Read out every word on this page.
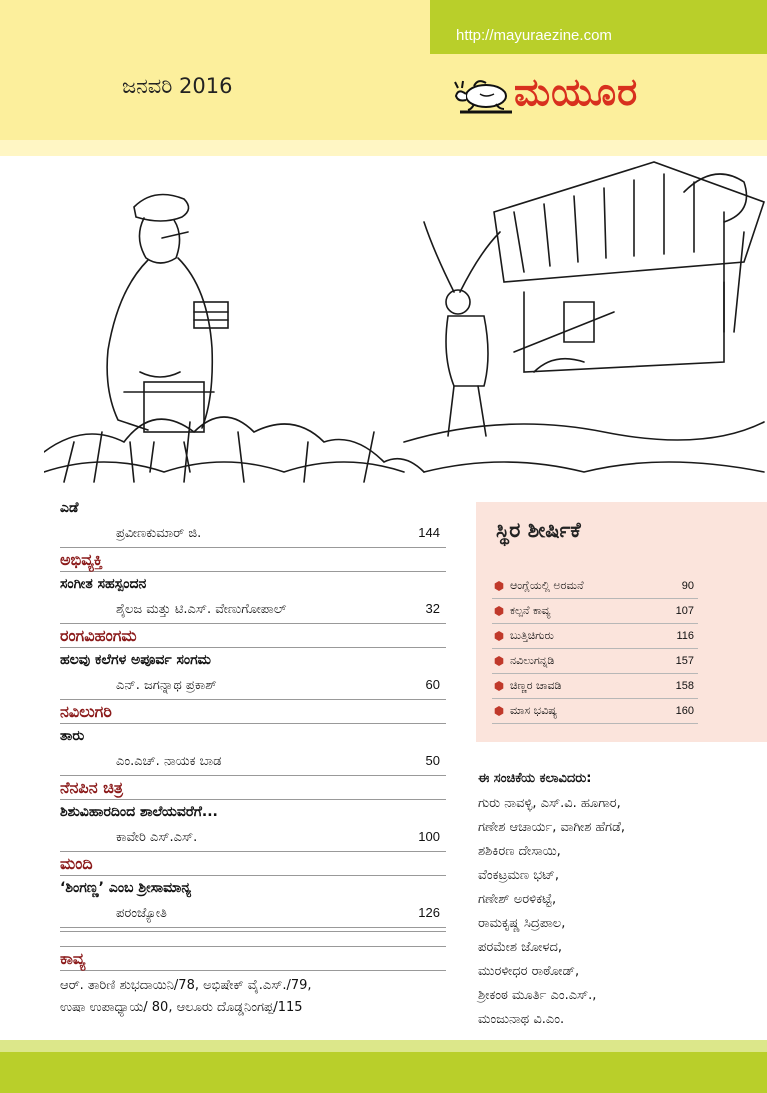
http://mayuraezine.com
ಜನವರಿ 2016	ಮಯೂರ
ಎಡೆ
ಪ್ರವೀಣಕುಮಾರ್ ಜಿ.	144
ಅಭಿವ್ಯಕ್ತಿ
ಸಂಗೀತ ಸಹಸ್ಪಂದನ
ಶೈಲಜ ಮತ್ತು ಟಿ.ಎಸ್. ವೇಣುಗೋಪಾಲ್	32
ರಂಗವಿಹಂಗಮ
ಹಲವು ಕಲೆಗಳ ಅಪೂರ್ವ ಸಂಗಮ
ಎನ್. ಜಗನ್ನಾಥ ಪ್ರಕಾಶ್	60
ನವಿಲುಗರಿ
ತಾರು
ಎಂ.ಎಚ್. ನಾಯಕ ಬಾಡ	50
ನೆನಪಿನ ಚಿತ್ರ
ಶಿಶುವಿಹಾರದಿಂದ ಶಾಲೆಯವರೆಗೆ...
ಕಾವೇರಿ ಎಸ್.ಎಸ್.	100
ಮಂದಿ
‘ಶಿಂಗಣ್ಣ’ ಎಂಬ ಶ್ರೀಸಾಮಾನ್ಯ
ಪರಂಜ್ಯೋತಿ	126
ಕಾವ್ಯ
ಆರ್. ತಾರಿಣಿ ಶುಭದಾಯಿನಿ/78, ಅಭಿಷೇಕ್ ವೈ.ಎಸ್./79,
ಉಷಾ ಉಪಾಧ್ಯಾಯ/ 80, ಆಲೂರು ದೊಡ್ಡನಿಂಗಪ್ಪ/115
ಸ್ಥಿರ ಶೀರ್ಷಿಕೆ
ಆಂಗ್ಲೆಯಲ್ಲಿ ಅರಮನೆ	90
ಕಲ್ಪನೆ ಕಾವ್ಯ	107
ಬುತ್ತಿಚಿಗುರು	116
ನವಿಲುಗನ್ನಡಿ	157
ಚಿಣ್ಣರ ಚಾವಡಿ	158
ಮಾಸ ಭವಿಷ್ಯ	160
ಈ ಸಂಚಿಕೆಯ ಕಲಾವಿದರು:
ಗುರು ನಾವಳ್ಳಿ, ಎಸ್.ವಿ. ಹೂಗಾರ,
ಗಣೇಶ ಆಚಾರ್ಯ, ವಾಗೀಶ ಹೆಗಡೆ,
ಶಶಿಕಿರಣ ದೇಸಾಯಿ,
ವೆಂಕಟ್ರಮಣ ಭಟ್,
ಗಣೇಶ್ ಅರಳಿಕಟ್ಟೆ,
ರಾಮಕೃಷ್ಣ ಸಿದ್ರಪಾಲ,
ಪರಮೇಶ ಜೋಳದ,
ಮುರಳೀಧರ ರಾಠೋಡ್,
ಶ್ರೀಕಂಠ ಮೂರ್ತಿ ಎಂ.ಎಸ್.,
ಮಂಜುನಾಥ ವಿ.ಎಂ.
